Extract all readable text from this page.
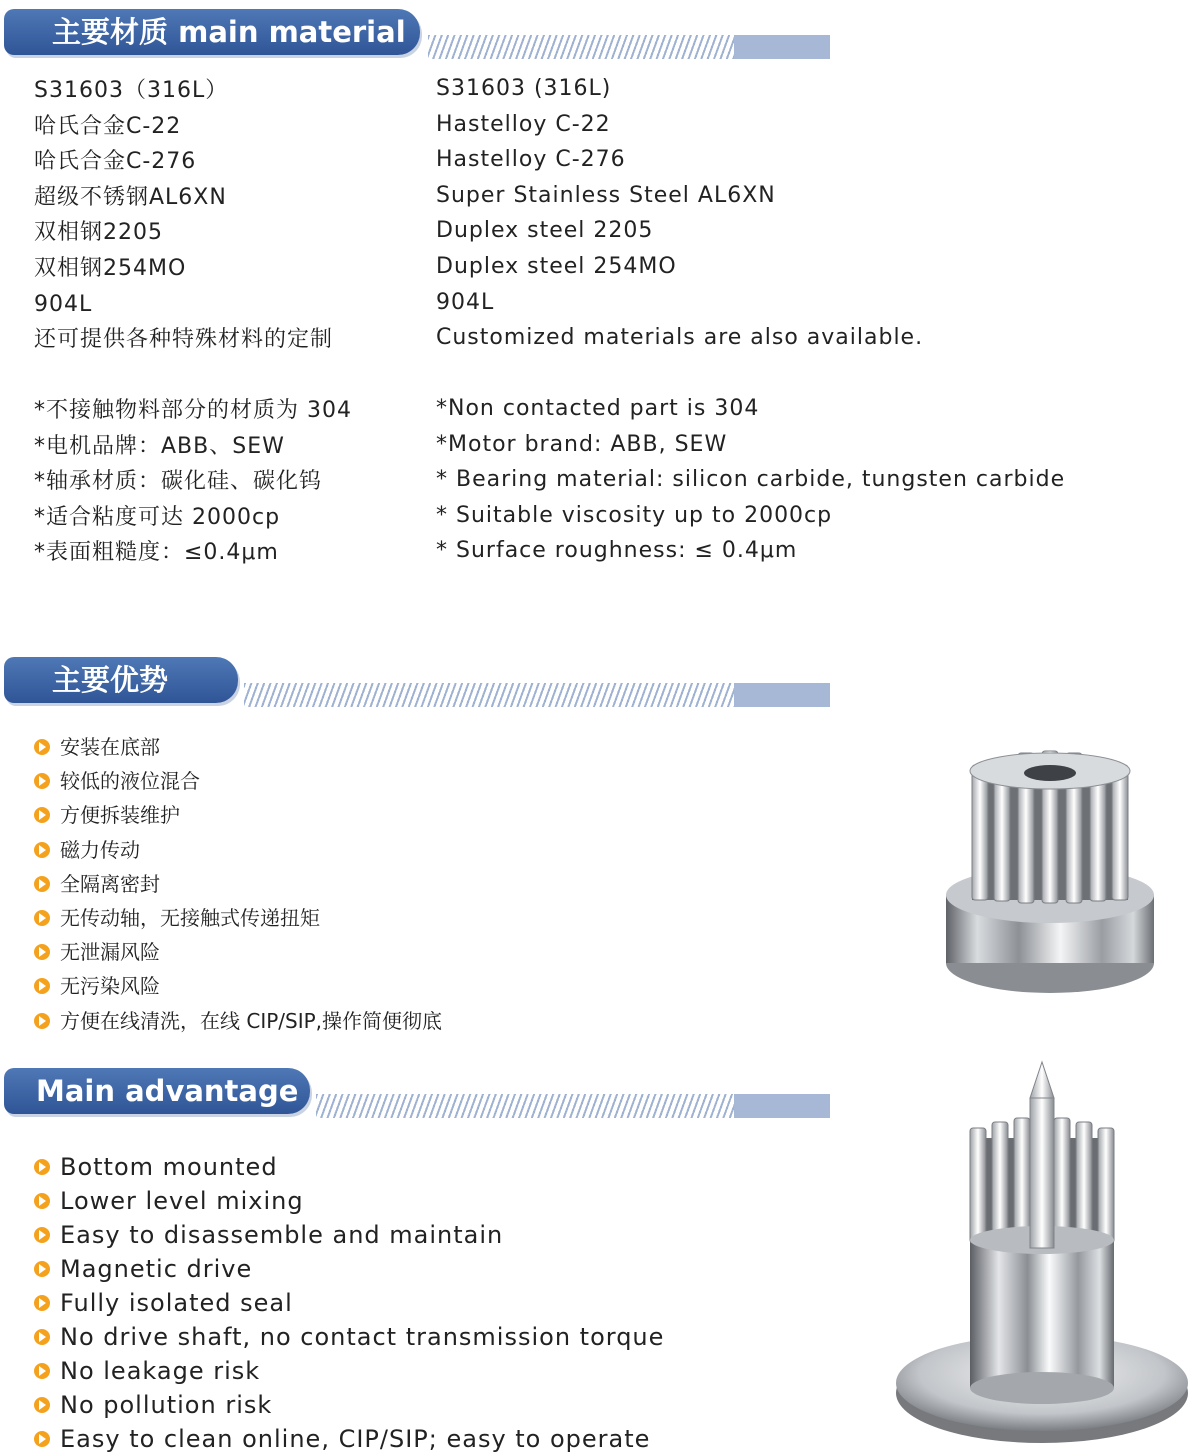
主要材质 main material
S31603（316L）
哈氏合金C-22
哈氏合金C-276
超级不锈钢AL6XN
双相钢2205
双相钢254MO
904L
还可提供各种特殊材料的定制
S31603 (316L)
Hastelloy C-22
Hastelloy C-276
Super Stainless Steel AL6XN
Duplex steel 2205
Duplex steel 254MO
904L
Customized materials are also available.
*不接触物料部分的材质为 304
*电机品牌：ABB、SEW
*轴承材质：碳化硅、碳化钨
*适合粘度可达 2000cp
*表面粗糙度：≤0.4μm
*Non contacted part is 304
*Motor brand: ABB, SEW
* Bearing material: silicon carbide, tungsten carbide
* Suitable viscosity up to 2000cp
* Surface roughness: ≤ 0.4μm
主要优势
安装在底部
较低的液位混合
方便拆装维护
磁力传动
全隔离密封
无传动轴，无接触式传递扭矩
无泄漏风险
无污染风险
方便在线清洗，在线 CIP/SIP,操作简便彻底
Main advantage
Bottom mounted
Lower level mixing
Easy to disassemble and maintain
Magnetic drive
Fully isolated seal
No drive shaft, no contact transmission torque
No leakage risk
No pollution risk
Easy to clean online, CIP/SIP; easy to operate
